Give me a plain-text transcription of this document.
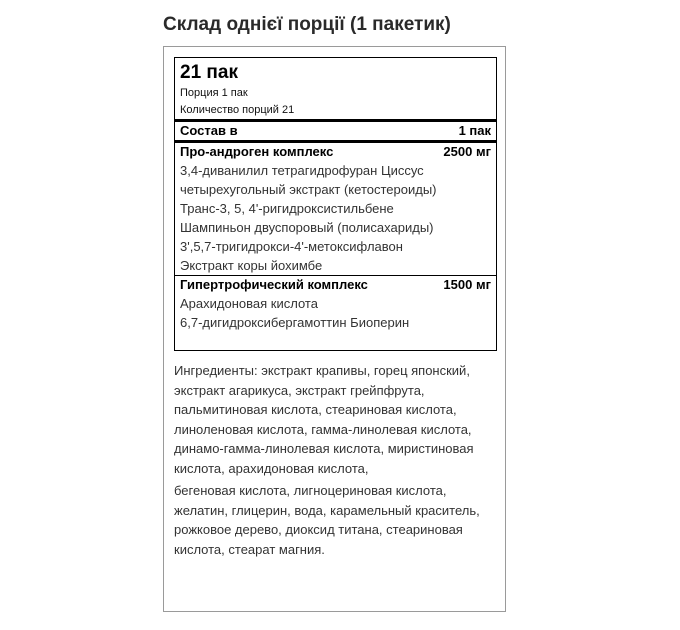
Склад однієї порції (1 пакетик)
21 пак
Порция 1 пак
Количество порций 21
Состав в	1 пак
Про-андроген комплекс	2500 мг
3,4-диванилил тетрагидрофуран Циссус
четырехугольный экстракт (кетостероиды)
Транс-3, 5, 4'-ригидроксистильбене
Шампиньон двуспоровый (полисахариды)
3',5,7-тригидрокси-4'-метоксифлавон
Экстракт коры йохимбе
Гипертрофический комплекс	1500 мг
Арахидоновая кислота
6,7-дигидроксибергамоттин Биоперин

Ингредиенты: экстракт крапивы, горец японский, экстракт агарикуса, экстракт грейпфрута, пальмитиновая кислота, стеариновая кислота, линоленовая кислота, гамма-линолевая кислота, динамо-гамма-линолевая кислота, миристиновая кислота, арахидоновая кислота,

бегеновая кислота, лигноцериновая кислота, желатин, глицерин, вода, карамельный краситель, рожковое дерево, диоксид титана, стеариновая кислота, стеарат магния.
